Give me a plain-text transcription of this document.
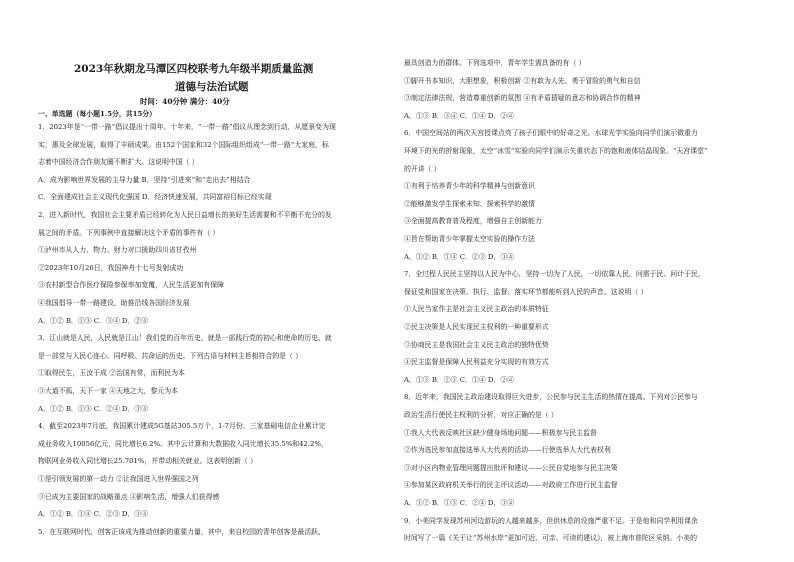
2023年秋期龙马潭区四校联考九年级半期质量监测
道德与法治试题
时间：40分钟 满分：40分
一、单选题（每小题1.5分，共15分）
1．2023年是“一带一路”倡议提出十周年。十年来，“一带一路”倡议从理念到行动，从愿景变为现
实，惠及全球发展，取得了丰硕成果。由152个国家和32个国际组织组成“一带一路”大家庭，标
志着中国经济合作朋友圈不断扩大。这说明中国（ ）
A．成为影响世界发展的主导力量 B．坚持“引进来”和“走出去”相结合
C．全面建成社会主义现代化强国 D．经济快速发展，共同富裕目标已经实现
2．进入新时代，我国社会主要矛盾已经转化为人民日益增长的美好生活需要和不平衡不充分的发
展之间的矛盾。下列事例中直接解决这个矛盾的事件有（ ）
①泸州市从人力、物力、财力对口援助四川省甘孜州
②2023年10月26日，我国神舟十七号发射成功
③农村新型合作医疗保险参保率加宽覆，人民生活更加有保障
④我国倡导一带一路建设，助推沿线各国经济发展
A．①② B．①③ C．③④ D．②④
3．江山就是人民，人民就是江山！我们党的百年历史，就是一部践行党的初心和使命的历史，就
是一部党与人民心连心、同呼吸、共命运的历史。下列古语与材料主旨相符合的是（ ）
①取得民生，玉汝于成 ②治国有常，而利民为本
③大道不孤，天下一家 ④天地之大，黎元为本
A．①② B．①③ C．②④ D．③④
4．截至2023年7月底，我国累计建成5G基站305.5万个，1-7月份，三家基础电信企业累计完
成业务收入10056亿元，同比增长6.2%。其中云计算和大数据收入同比增长35.5%和42.2%，
物联网业务收入同比增长25.701%，并带动相关就业。这表明创新（ ）
①是引领发展的第一动力 ②让我国进入世界强国之列
③已成为主要国家的战略重点 ④影响生活，增强人们获得感
A．①② B．①④ C．②③ D．③④
5．在互联网时代，创客正该成为推动创新的重要力量，其中，来自校园的青年创客是最活跃、
最具创造力的群体。下列选项中，青年学生需具备的有（ ）
①脚开书本知识，大胆想象，积极创新 ②有敢为人先、勇于冒险的勇气和自信
③制定法律法规，营造尊重创新的氛围 ④有矛盾猜疑的意志和协调合作的精神
A．①③ B．③④ C．①④ D．②④
6．中国空间站的两次天宫授课点亮了孩子们眼中的好奇之光。水球光学实验向同学们演示微重力
环境下的光的折射现象，太空“冰雪”实验向同学们演示失重状态下的饱和液体结晶现象。“天宫课堂”
的开讲（ ）
①有利于培养青少年的科学精神与创新意识
②能够激发学生探索未知、探索科学的激情
③全面提高教育普及程度，增强自主创新能力
④旨在帮助青少年掌握太空实验的操作方法
A．①② B．①④ C．②③ D．③④
7．全过程人民民主坚持以人民为中心，坚持一切为了人民，一切依靠人民，问需于民、问计于民，
保证党和国家在决策、执行、监督、落实环节都能听到人民的声音。这说明（ ）
①人民当家作主是社会主义民主政治的本质特征
②民主决策是人民实现民主权利的一种重要形式
③协商民主是我国社会主义民主政治的独特优势
④民主监督是保障人民利益充分实现的有效方式
A．①③ B．②③ C．①④ D．②④
8．近年来，我国民主政治建设取得巨大进步，公民参与民主生活的热情在提高。下列对公民参与
政治生活行使民主权利的分析，对应正确的是（ ）
①我人大代表反映社区缺少健身场地问题——积极参与民主监督
②作为选民参加直接选举人大代表的活动——行使选举人大代表权利
③对小区内物业管理问题提出批评和建议——公民自觉地参与民主决策
④参加某区政府机关举行的民主评议活动——对政府工作进行民主监督
A．①② B．①③ C．②④ D．③④
9．小美同学发现苏州河边游玩的人越来越多，但供休息的设施严重不足。于是他和同学利用课余
时间写了一篇《关于让“苏州水岸”更加可近、可亲、可读的建议》，被上海市普陀区采纳。小美的
